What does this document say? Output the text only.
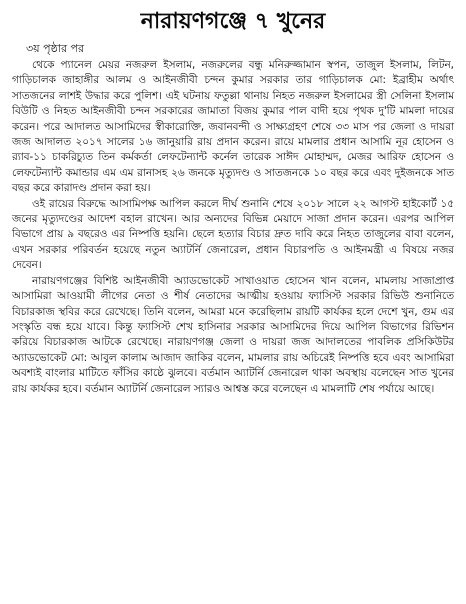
নারায়ণগঞ্জে ৭ খুনের
৩য় পৃষ্ঠার পর

থেকে প্যানেল মেয়র নজরুল ইসলাম, নজরুলের বন্ধু মনিরুজ্জামান স্বপন, তাজুল ইসলাম, লিটন, গাড়িচালক জাহাঙ্গীর আলম ও আইনজীবী চন্দন কুমার সরকার তার গাড়িচালক মো: ইব্রাহীম অর্থাৎ সাতজনের লাশই উদ্ধার করে পুলিশ। এই ঘটনায় ফতুল্লা থানায় নিহত নজরুল ইসলামের স্ত্রী সেলিনা ইসলাম বিউটি ও নিহত আইনজীবী চন্দন সরকারের জামাতা বিজয় কুমার পাল বাদী হয়ে পৃথক দু'টি মামলা দায়ের করেন। পরে আদালত আসামিদের স্বীকারোক্তি, জবানবন্দী ও সাক্ষ্যগ্রহণ শেষে ৩৩ মাস পর জেলা ও দায়রা জজ আদালত ২০১৭ সালের ১৬ জানুয়ারি রায় প্রদান করেন। রায়ে মামলার প্রধান আসামি নূর হোসেন ও র‍্যাব-১১ চাকরিচ্যুত তিন কর্মকর্তা লেফটেন্যান্ট কর্নেল তারেক সাঈদ মোহাম্মদ, মেজর আরিফ হোসেন ও লেফটেন্যান্ট কমান্ডার এম এম রানাসহ ২৬ জনকে মৃত্যুদণ্ড ও সাতজনকে ১০ বছর করে এবং দুইজনকে সাত বছর করে কারাদণ্ড প্রদান করা হয়।

ওই রায়ের বিরুদ্ধে আসামিপক্ষ আপিল করলে দীর্ঘ শুনানি শেষে ২০১৮ সালে ২২ আগস্ট হাইকোর্ট ১৫ জনের মৃত্যুদণ্ডের আদেশ বহাল রাখেন। আর অন্যদের বিভিন্ন মেয়াদে সাজা প্রদান করেন। এরপর আপিল বিভাগে প্রায় ৯ বছরেও এর নিষ্পত্তি হয়নি। ছেলে হত্যার বিচার দ্রুত দাবি করে নিহত তাজুলের বাবা বলেন, এখন সরকার পরিবর্তন হয়েছে নতুন অ্যাটর্নি জেনারেল, প্রধান বিচারপতি ও আইনমন্ত্রী এ বিষয়ে নজর দেবেন।

নারায়ণগঞ্জের বিশিষ্ট আইনজীবী অ্যাডভোকেট সাখাওয়াত হোসেন খান বলেন, মামলায় সাজাপ্রাপ্ত আসামিরা আওয়ামী লীগের নেতা ও শীর্ষ নেতাদের আত্মীয় হওয়ায় ফ্যাসিস্ট সরকার রিভিউ শুনানিতে বিচারকাজ স্থবির করে রেখেছে। তিনি বলেন, আমরা মনে করেছিলাম রায়টি কার্যকর হলে দেশে খুন, গুম এর সংস্কৃতি বন্ধ হয়ে যাবে। কিন্তু ফ্যাসিস্ট শেখ হাসিনার সরকার আসামিদের দিয়ে আপিল বিভাগের রিভিশন করিয়ে বিচারকাজ আটকে রেখেছে। নারায়ণগঞ্জ জেলা ও দায়রা জজ আদালতের পাবলিক প্রসিকিউটর অ্যাডভোকেট মো: আবুল কালাম আজাদ জাকির বলেন, মামলার রায় অচিরেই নিষ্পত্তি হবে এবং আসামিরা অবশ্যই বাংলার মাটিতে ফাঁসির কাষ্ঠে ঝুলবে। বর্তমান অ্যাটর্নি জেনারেল থাকা অবস্থায় বলেছেন সাত খুনের রায় কার্যকর হবে। বর্তমান অ্যাটর্নি জেনারেল স্যারও আশ্বস্ত করে বলেছেন এ মামলাটি শেষ পর্যায়ে আছে।
